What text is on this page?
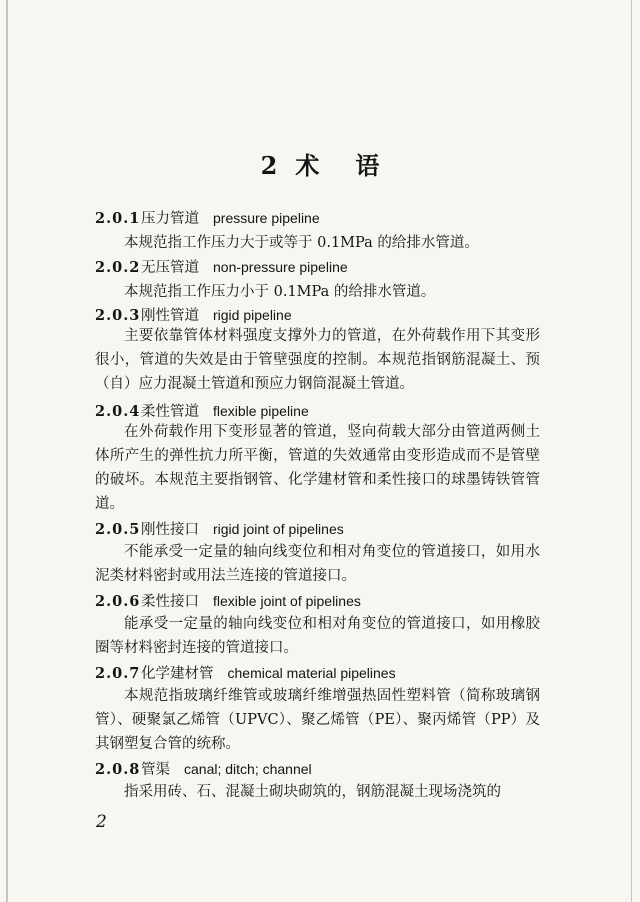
2 术 语
2.0.1压力管道 pressure pipeline
本规范指工作压力大于或等于 0.1MPa 的给排水管道。
2.0.2无压管道 non-pressure pipeline
本规范指工作压力小于 0.1MPa 的给排水管道。
2.0.3刚性管道 rigid pipeline
主要依靠管体材料强度支撑外力的管道，在外荷载作用下其变形很小，管道的失效是由于管壁强度的控制。本规范指钢筋混凝土、预（自）应力混凝土管道和预应力钢筒混凝土管道。
2.0.4柔性管道 flexible pipeline
在外荷载作用下变形显著的管道，竖向荷载大部分由管道两侧土体所产生的弹性抗力所平衡，管道的失效通常由变形造成而不是管壁的破坏。本规范主要指钢管、化学建材管和柔性接口的球墨铸铁管管道。
2.0.5刚性接口 rigid joint of pipelines
不能承受一定量的轴向线变位和相对角变位的管道接口，如用水泥类材料密封或用法兰连接的管道接口。
2.0.6柔性接口 flexible joint of pipelines
能承受一定量的轴向线变位和相对角变位的管道接口，如用橡胶圈等材料密封连接的管道接口。
2.0.7化学建材管 chemical material pipelines
本规范指玻璃纤维管或玻璃纤维增强热固性塑料管（简称玻璃钢管）、硬聚氯乙烯管（UPVC）、聚乙烯管（PE）、聚丙烯管（PP）及其钢塑复合管的统称。
2.0.8管渠 canal; ditch; channel
指采用砖、石、混凝土砌块砌筑的，钢筋混凝土现场浇筑的
2
